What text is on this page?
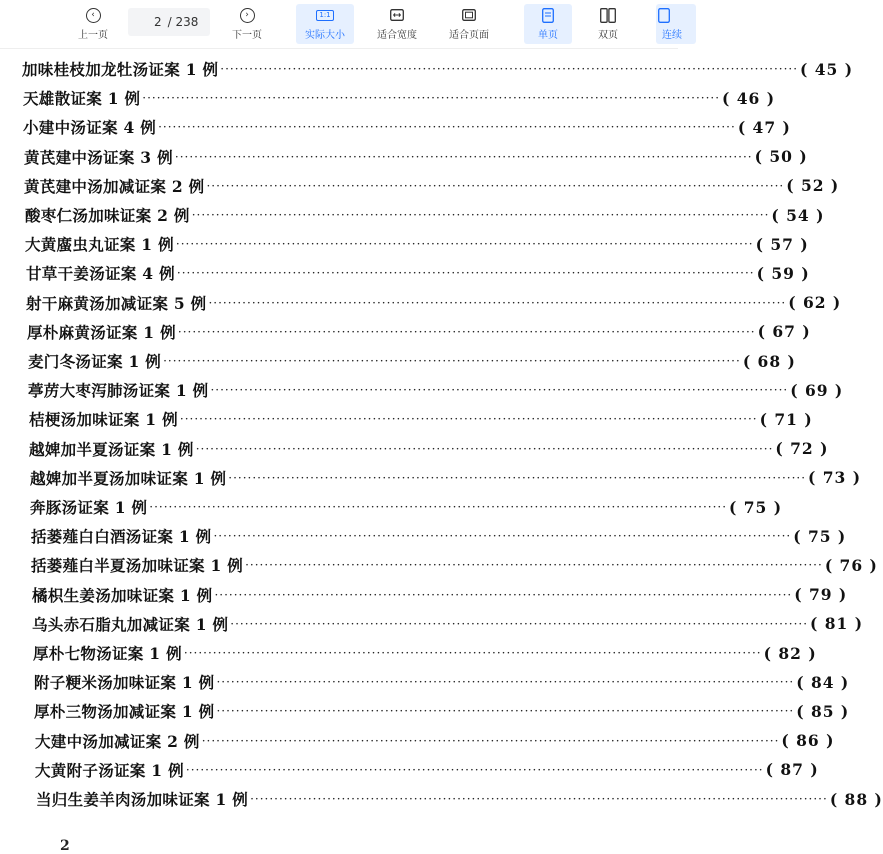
‹
上一页
2
/ 238
›
下一页
1:1
实际大小	适合宽度	适合页面	单页	双页	连续
加味桂枝加龙牡汤证案 1 例 ························································································································ ( 45 )
天雄散证案 1 例 ························································································································ ( 46 )
小建中汤证案 4 例 ························································································································ ( 47 )
黄芪建中汤证案 3 例 ························································································································ ( 50 )
黄芪建中汤加减证案 2 例 ························································································································ ( 52 )
酸枣仁汤加味证案 2 例 ························································································································ ( 54 )
大黄䗪虫丸证案 1 例 ························································································································ ( 57 )
甘草干姜汤证案 4 例 ························································································································ ( 59 )
射干麻黄汤加减证案 5 例 ························································································································ ( 62 )
厚朴麻黄汤证案 1 例 ························································································································ ( 67 )
麦门冬汤证案 1 例 ························································································································ ( 68 )
葶苈大枣泻肺汤证案 1 例 ························································································································ ( 69 )
桔梗汤加味证案 1 例 ························································································································ ( 71 )
越婢加半夏汤证案 1 例 ························································································································ ( 72 )
越婢加半夏汤加味证案 1 例 ························································································································ ( 73 )
奔豚汤证案 1 例 ························································································································ ( 75 )
括蒌薤白白酒汤证案 1 例 ························································································································ ( 75 )
括蒌薤白半夏汤加味证案 1 例 ························································································································ ( 76 )
橘枳生姜汤加味证案 1 例 ························································································································ ( 79 )
乌头赤石脂丸加减证案 1 例 ························································································································ ( 81 )
厚朴七物汤证案 1 例 ························································································································ ( 82 )
附子粳米汤加味证案 1 例 ························································································································ ( 84 )
厚朴三物汤加减证案 1 例 ························································································································ ( 85 )
大建中汤加减证案 2 例 ························································································································ ( 86 )
大黄附子汤证案 1 例 ························································································································ ( 87 )
当归生姜羊肉汤加味证案 1 例 ························································································································ ( 88 )
2
